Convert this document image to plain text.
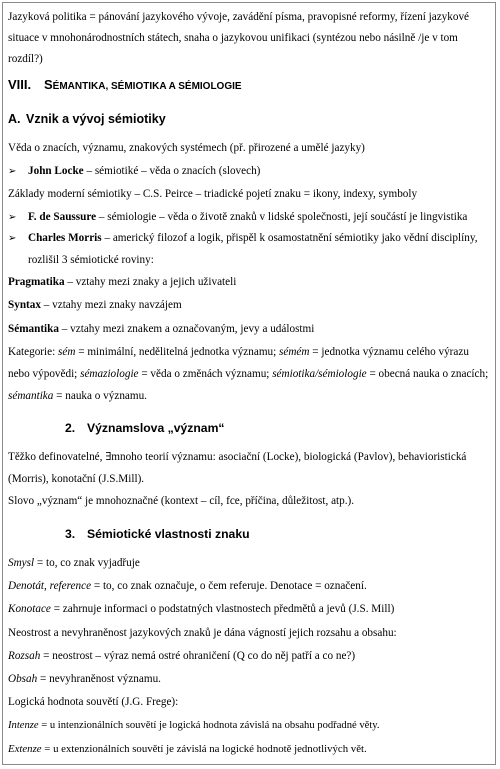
Jazyková politika = pánování jazykového vývoje, zavádění písma, pravopisné reformy, řízení jazykové situace v mnohonárodnostních státech, snaha o jazykovou unifikaci (syntézou nebo násilně /je v tom rozdíl?)

VIII. SÉMANTIKA, SÉMIOTIKA A SÉMIOLOGIE
A. Vznik a vývoj sémiotiky

Věda o znacích, významu, znakových systémech (př. přirozené a umělé jazyky)

➢ John Locke – sémiotiké – věda o znacích (slovech)

Základy moderní sémiotiky – C.S. Peirce – triadické pojetí znaku = ikony, indexy, symboly

➢ F. de Saussure – sémiologie – věda o životě znaků v lidské společnosti, její součástí je lingvistika
➢ Charles Morris – americký filozof a logik, přispěl k osamostatnění sémiotiky jako vědní disciplíny, rozlišil 3 sémiotické roviny:

Pragmatika – vztahy mezi znaky a jejich uživateli

Syntax – vztahy mezi znaky navzájem

Sémantika – vztahy mezi znakem a označovaným, jevy a událostmi

Kategorie: sém = minimální, nedělitelná jednotka významu; sémém = jednotka významu celého výrazu nebo výpovědi; sémaziologie = věda o změnách významu; sémiotika/sémiologie = obecná nauka o znacích; sémantika = nauka o významu.

2. Významslova „význam“

Těžko definovatelné, ∃mnoho teorií významu: asociační (Locke), biologická (Pavlov), behavioristická (Morris), konotační (J.S.Mill).

Slovo „význam“ je mnohoznačné (kontext – cíl, fce, příčina, důležitost, atp.).

3. Sémiotické vlastnosti znaku

Smysl = to, co znak vyjadřuje

Denotát, reference = to, co znak označuje, o čem referuje. Denotace = označení.

Konotace = zahrnuje informaci o podstatných vlastnostech předmětů a jevů (J.S. Mill)

Neostrost a nevyhraněnost jazykových znaků je dána vágností jejich rozsahu a obsahu:

Rozsah = neostrost – výraz nemá ostré ohraničení (Q co do něj patří a co ne?)

Obsah = nevyhraněnost významu.

Logická hodnota souvětí (J.G. Frege):

Intenze = u intenzionálních souvětí je logická hodnota závislá na obsahu podřadné věty.

Extenze = u extenzionálních souvětí je závislá na logické hodnotě jednotlivých vět.
